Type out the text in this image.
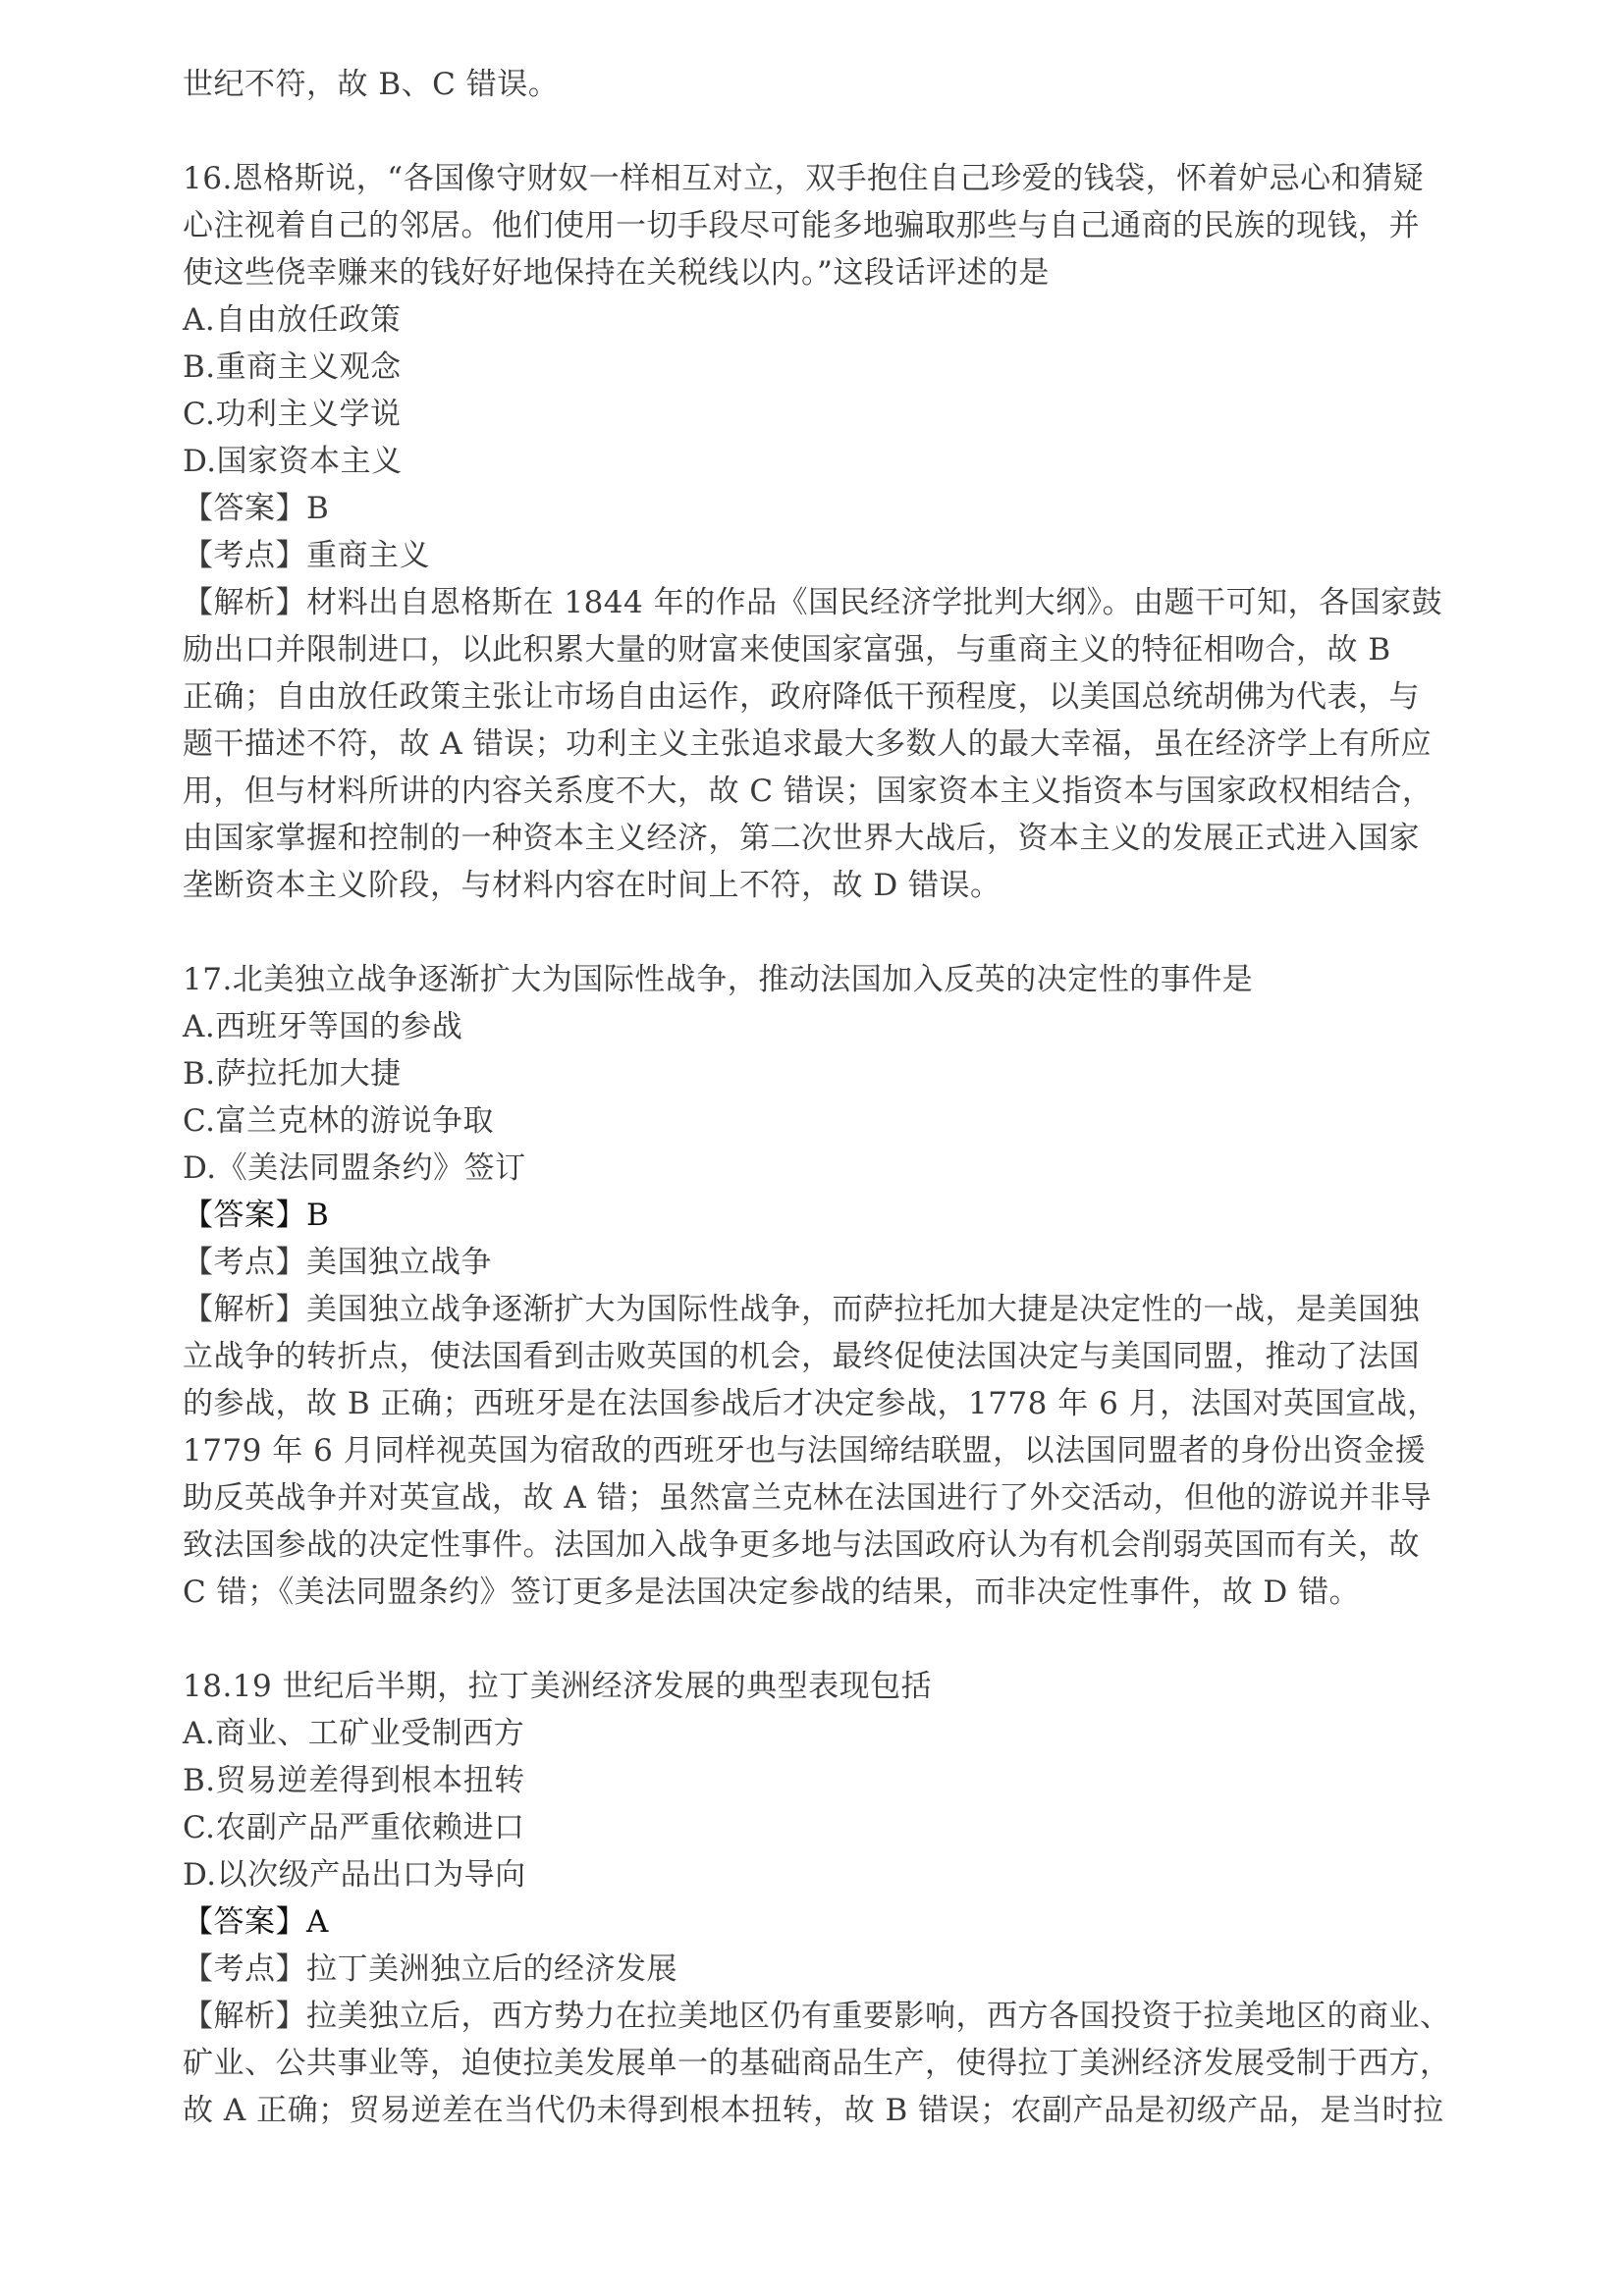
世纪不符，故 B、C 错误。
16.恩格斯说，“各国像守财奴一样相互对立，双手抱住自己珍爱的钱袋，怀着妒忌心和猜疑
心注视着自己的邻居。他们使用一切手段尽可能多地骗取那些与自己通商的民族的现钱，并
使这些侥幸赚来的钱好好地保持在关税线以内。”这段话评述的是
A.自由放任政策
B.重商主义观念
C.功利主义学说
D.国家资本主义
【答案】B
【考点】重商主义
【解析】材料出自恩格斯在 1844 年的作品《国民经济学批判大纲》。由题干可知，各国家鼓
励出口并限制进口，以此积累大量的财富来使国家富强，与重商主义的特征相吻合，故 B
正确；自由放任政策主张让市场自由运作，政府降低干预程度，以美国总统胡佛为代表，与
题干描述不符，故 A 错误；功利主义主张追求最大多数人的最大幸福，虽在经济学上有所应
用，但与材料所讲的内容关系度不大，故 C 错误；国家资本主义指资本与国家政权相结合，
由国家掌握和控制的一种资本主义经济，第二次世界大战后，资本主义的发展正式进入国家
垄断资本主义阶段，与材料内容在时间上不符，故 D 错误。
17.北美独立战争逐渐扩大为国际性战争，推动法国加入反英的决定性的事件是
A.西班牙等国的参战
B.萨拉托加大捷
C.富兰克林的游说争取
D.《美法同盟条约》签订
【答案】B
【考点】美国独立战争
【解析】美国独立战争逐渐扩大为国际性战争，而萨拉托加大捷是决定性的一战，是美国独
立战争的转折点，使法国看到击败英国的机会，最终促使法国决定与美国同盟，推动了法国
的参战，故 B 正确；西班牙是在法国参战后才决定参战，1778 年 6 月，法国对英国宣战，
1779 年 6 月同样视英国为宿敌的西班牙也与法国缔结联盟，以法国同盟者的身份出资金援
助反英战争并对英宣战，故 A 错；虽然富兰克林在法国进行了外交活动，但他的游说并非导
致法国参战的决定性事件。法国加入战争更多地与法国政府认为有机会削弱英国而有关，故
C 错；《美法同盟条约》签订更多是法国决定参战的结果，而非决定性事件，故 D 错。
18.19 世纪后半期，拉丁美洲经济发展的典型表现包括
A.商业、工矿业受制西方
B.贸易逆差得到根本扭转
C.农副产品严重依赖进口
D.以次级产品出口为导向
【答案】A
【考点】拉丁美洲独立后的经济发展
【解析】拉美独立后，西方势力在拉美地区仍有重要影响，西方各国投资于拉美地区的商业、
矿业、公共事业等，迫使拉美发展单一的基础商品生产，使得拉丁美洲经济发展受制于西方，
故 A 正确；贸易逆差在当代仍未得到根本扭转，故 B 错误；农副产品是初级产品，是当时拉
